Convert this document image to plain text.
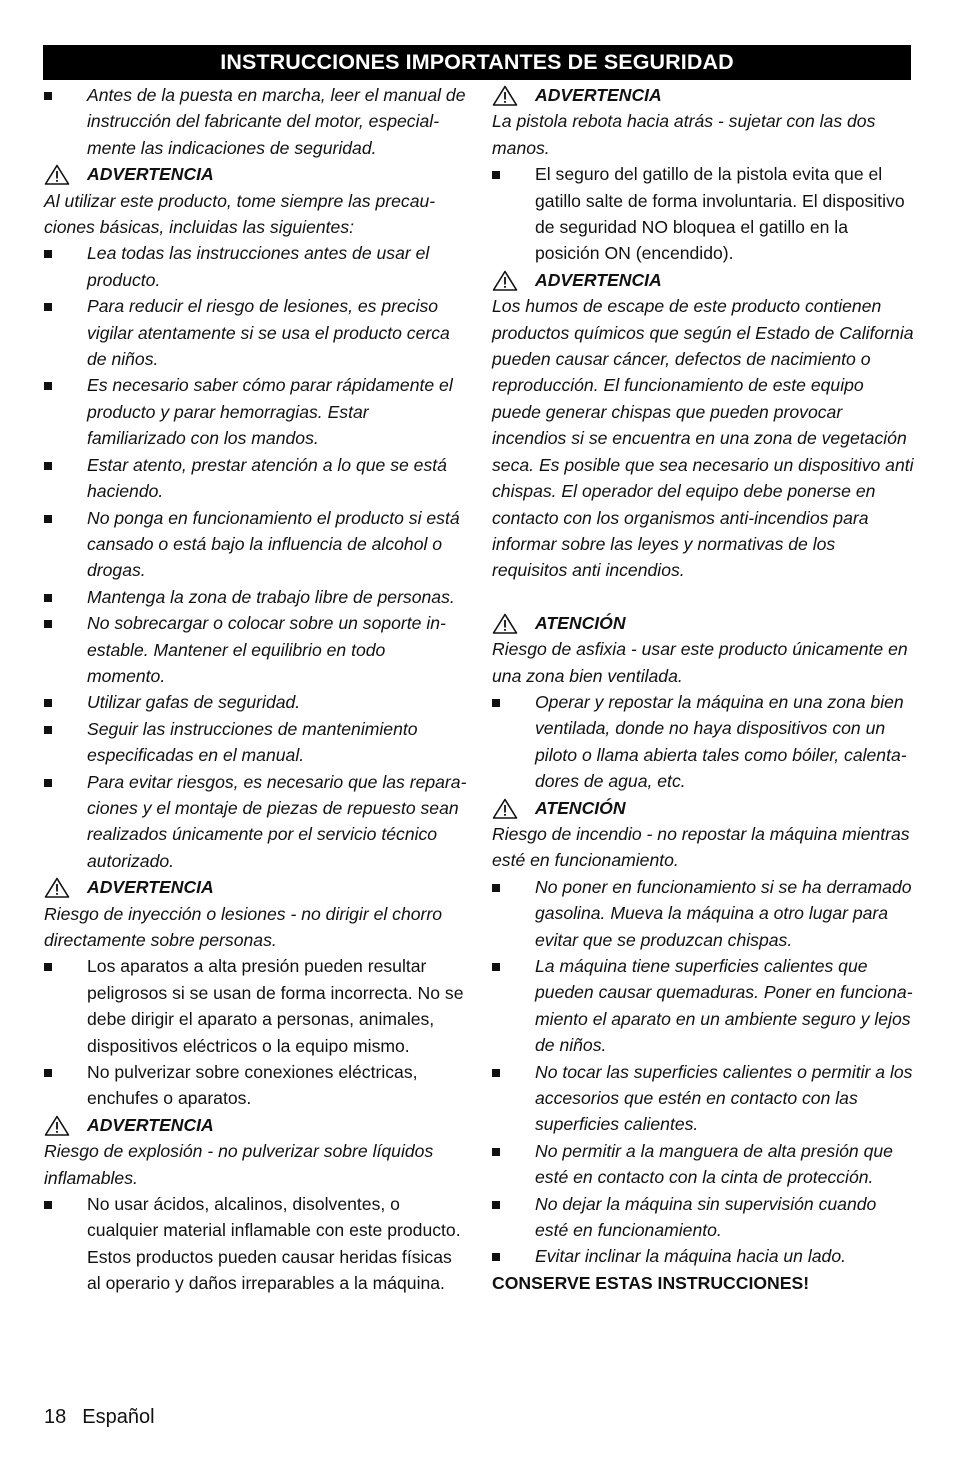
INSTRUCCIONES IMPORTANTES DE SEGURIDAD
Antes de la puesta en marcha, leer el manual de instrucción del fabricante del motor, especialmente las indicaciones de seguridad.
ADVERTENCIA
Al utilizar este producto, tome siempre las precauciones básicas, incluidas las siguientes:
Lea todas las instrucciones antes de usar el producto.
Para reducir el riesgo de lesiones, es preciso vigilar atentamente si se usa el producto cerca de niños.
Es necesario saber cómo parar rápidamente el producto y parar hemorragias. Estar familiarizado con los mandos.
Estar atento, prestar atención a lo que se está haciendo.
No ponga en funcionamiento el producto si está cansado o está bajo la influencia de alcohol o drogas.
Mantenga la zona de trabajo libre de personas.
No sobrecargar o colocar sobre un soporte inestable. Mantener el equilibrio en todo momento.
Utilizar gafas de seguridad.
Seguir las instrucciones de mantenimiento especificadas en el manual.
Para evitar riesgos, es necesario que las reparaciones y el montaje de piezas de repuesto sean realizados únicamente por el servicio técnico autorizado.
ADVERTENCIA
Riesgo de inyección o lesiones - no dirigir el chorro directamente sobre personas.
Los aparatos a alta presión pueden resultar peligrosos si se usan de forma incorrecta. No se debe dirigir el aparato a personas, animales, dispositivos eléctricos o la equipo mismo.
No pulverizar sobre conexiones eléctricas, enchufes o aparatos.
ADVERTENCIA
Riesgo de explosión - no pulverizar sobre líquidos inflamables.
No usar ácidos, alcalinos, disolventes, o cualquier material inflamable con este producto. Estos productos pueden causar heridas físicas al operario y daños irreparables a la máquina.
ADVERTENCIA
La pistola rebota hacia atrás - sujetar con las dos manos.
El seguro del gatillo de la pistola evita que el gatillo salte de forma involuntaria. El dispositivo de seguridad NO bloquea el gatillo en la posición ON (encendido).
ADVERTENCIA
Los humos de escape de este producto contienen productos químicos que según el Estado de California pueden causar cáncer, defectos de nacimiento o reproducción. El funcionamiento de este equipo puede generar chispas que pueden provocar incendios si se encuentra en una zona de vegetación seca. Es posible que sea necesario un dispositivo anti chispas. El operador del equipo debe ponerse en contacto con los organismos anti-incendios para informar sobre las leyes y normativas de los requisitos anti incendios.
ATENCIÓN
Riesgo de asfixia - usar este producto únicamente en una zona bien ventilada.
Operar y repostar la máquina en una zona bien ventilada, donde no haya dispositivos con un piloto o llama abierta tales como bóiler, calentadores de agua, etc.
ATENCIÓN
Riesgo de incendio - no repostar la máquina mientras esté en funcionamiento.
No poner en funcionamiento si se ha derramado gasolina. Mueva la máquina a otro lugar para evitar que se produzcan chispas.
La máquina tiene superficies calientes que pueden causar quemaduras. Poner en funcionamiento el aparato en un ambiente seguro y lejos de niños.
No tocar las superficies calientes o permitir a los accesorios que estén en contacto con las superficies calientes.
No permitir a la manguera de alta presión que esté en contacto con la cinta de protección.
No dejar la máquina sin supervisión cuando esté en funcionamiento.
Evitar inclinar la máquina hacia un lado.
CONSERVE ESTAS INSTRUCCIONES!
18 Español
